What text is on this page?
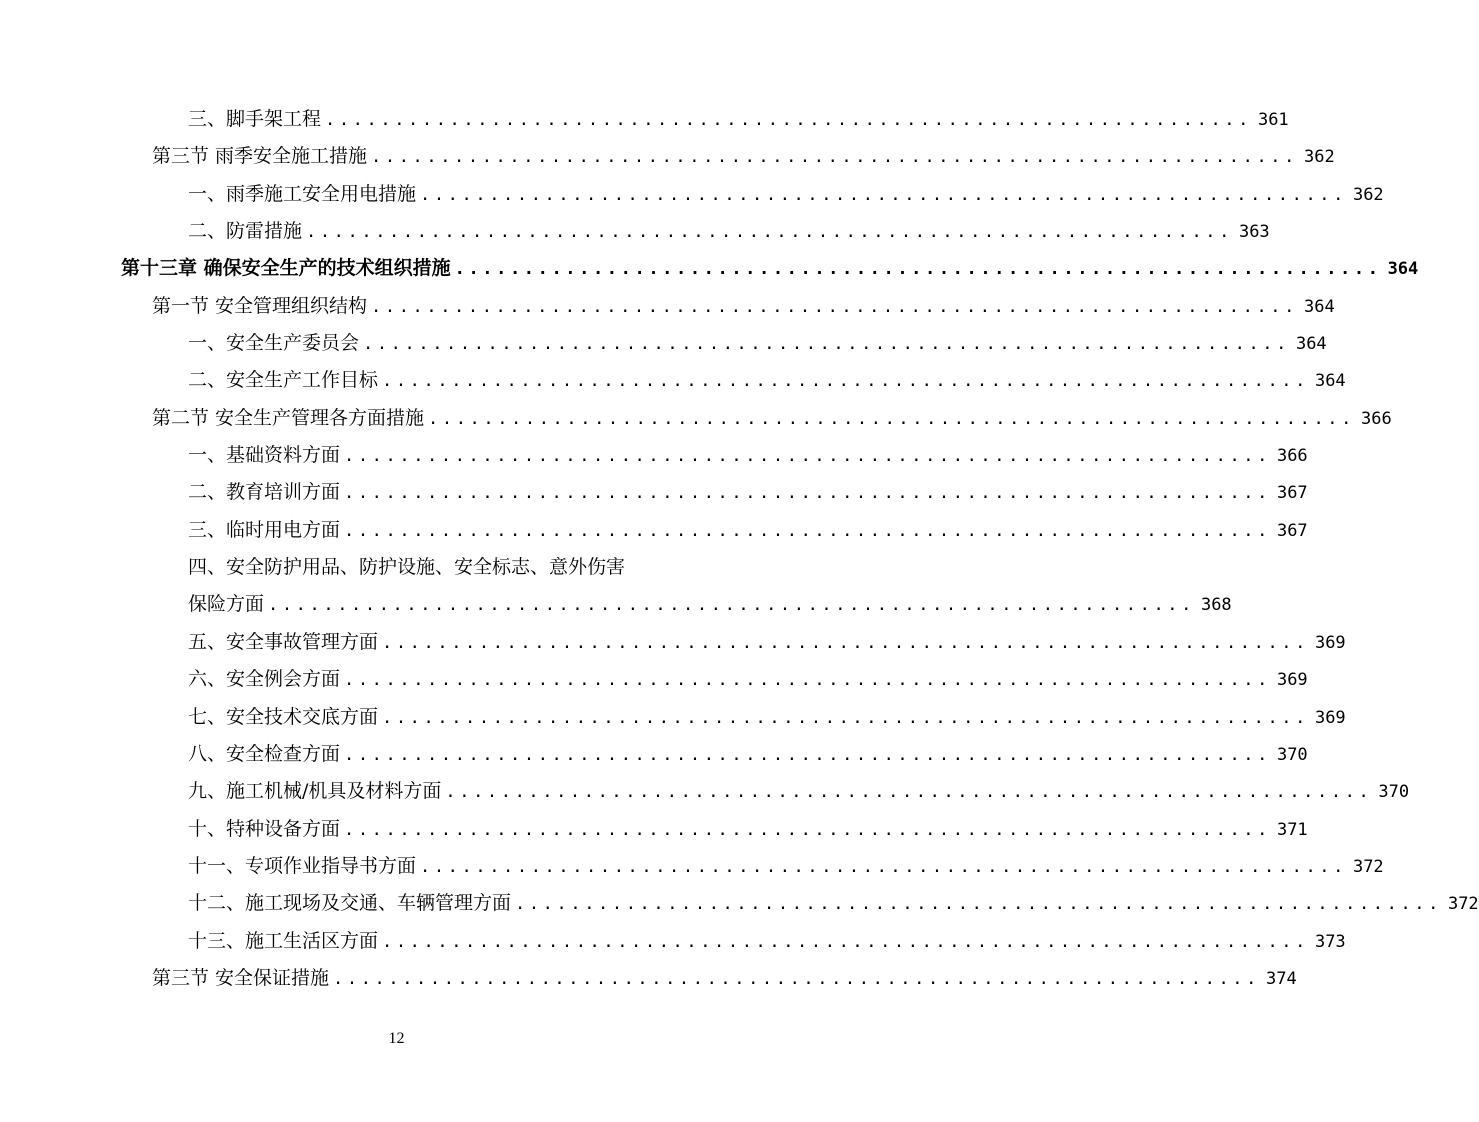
三、脚手架工程 ................................................................... 361
第三节 雨季安全施工措施 ................................................................... 362
一、雨季施工安全用电措施 ................................................................... 362
二、防雷措施 ................................................................... 363
第十三章 确保安全生产的技术组织措施 ................................................................... 364
第一节 安全管理组织结构 ................................................................... 364
一、安全生产委员会 ................................................................... 364
二、安全生产工作目标 ................................................................... 364
第二节 安全生产管理各方面措施 ................................................................... 366
一、基础资料方面 ................................................................... 366
二、教育培训方面 ................................................................... 367
三、临时用电方面 ................................................................... 367
四、安全防护用品、防护设施、安全标志、意外伤害
保险方面 ................................................................... 368
五、安全事故管理方面 ................................................................... 369
六、安全例会方面 ................................................................... 369
七、安全技术交底方面 ................................................................... 369
八、安全检查方面 ................................................................... 370
九、施工机械/机具及材料方面 ................................................................... 370
十、特种设备方面 ................................................................... 371
十一、专项作业指导书方面 ................................................................... 372
十二、施工现场及交通、车辆管理方面 ................................................................... 372
十三、施工生活区方面 ................................................................... 373
第三节 安全保证措施 ................................................................... 374
12
